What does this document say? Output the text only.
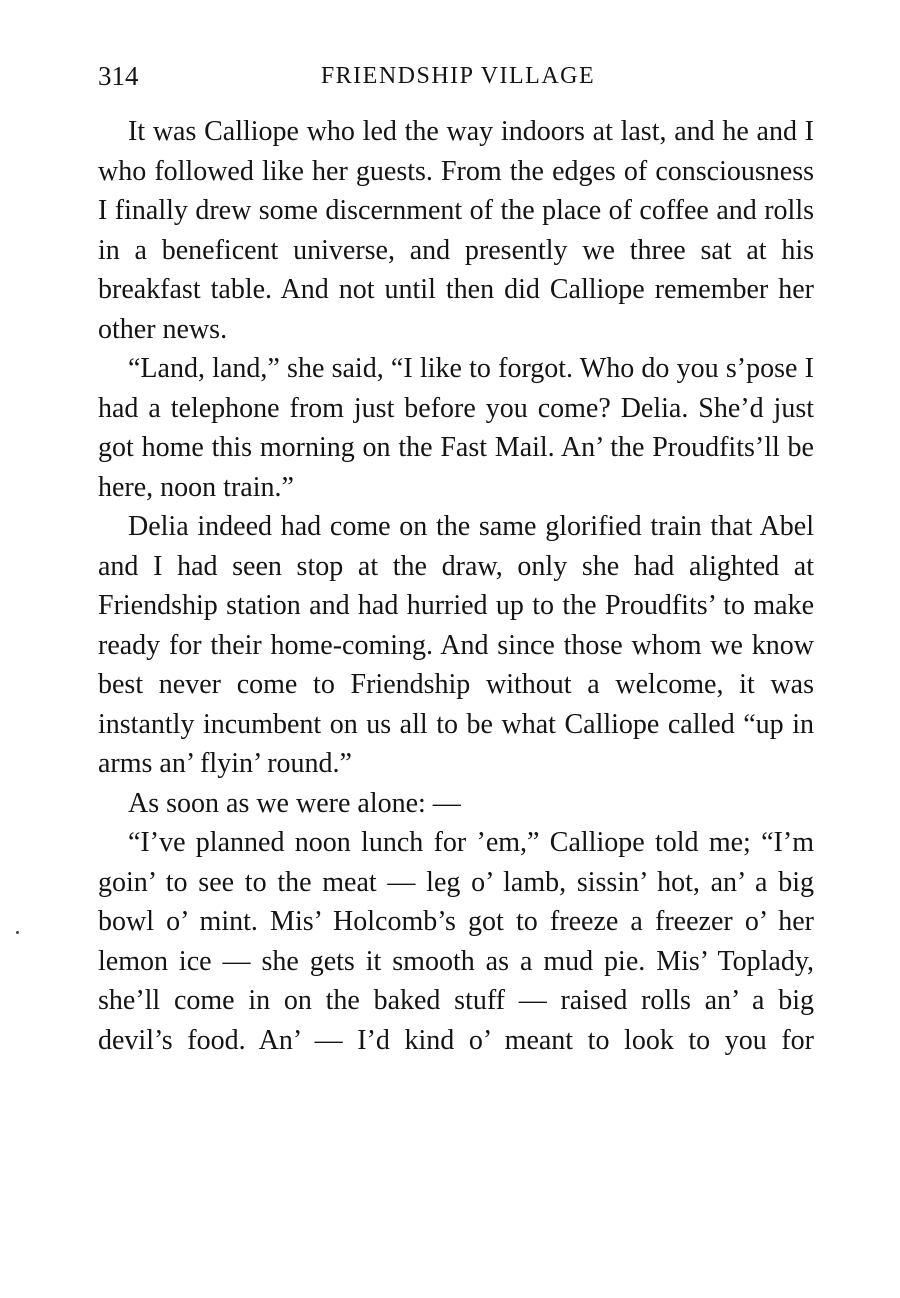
314	FRIENDSHIP VILLAGE

It was Calliope who led the way indoors at last, and he and I who followed like her guests. From the edges of consciousness I finally drew some discernment of the place of coffee and rolls in a beneficent universe, and presently we three sat at his breakfast table. And not until then did Calliope remember her other news.

“Land, land,” she said, “I like to forgot. Who do you s’pose I had a telephone from just before you come? Delia. She’d just got home this morning on the Fast Mail. An’ the Proudfits’ll be here, noon train.”

Delia indeed had come on the same glorified train that Abel and I had seen stop at the draw, only she had alighted at Friendship station and had hurried up to the Proudfits’ to make ready for their home-coming. And since those whom we know best never come to Friendship without a welcome, it was instantly incumbent on us all to be what Calliope called “up in arms an’ flyin’ round.”

As soon as we were alone: —

“I’ve planned noon lunch for ’em,” Calliope told me; “I’m goin’ to see to the meat — leg o’ lamb, sissin’ hot, an’ a big bowl o’ mint. Mis’ Holcomb’s got to freeze a freezer o’ her lemon ice — she gets it smooth as a mud pie. Mis’ Toplady, she’ll come in on the baked stuff — raised rolls an’ a big devil’s food. An’ — I’d kind o’ meant to look to you for
